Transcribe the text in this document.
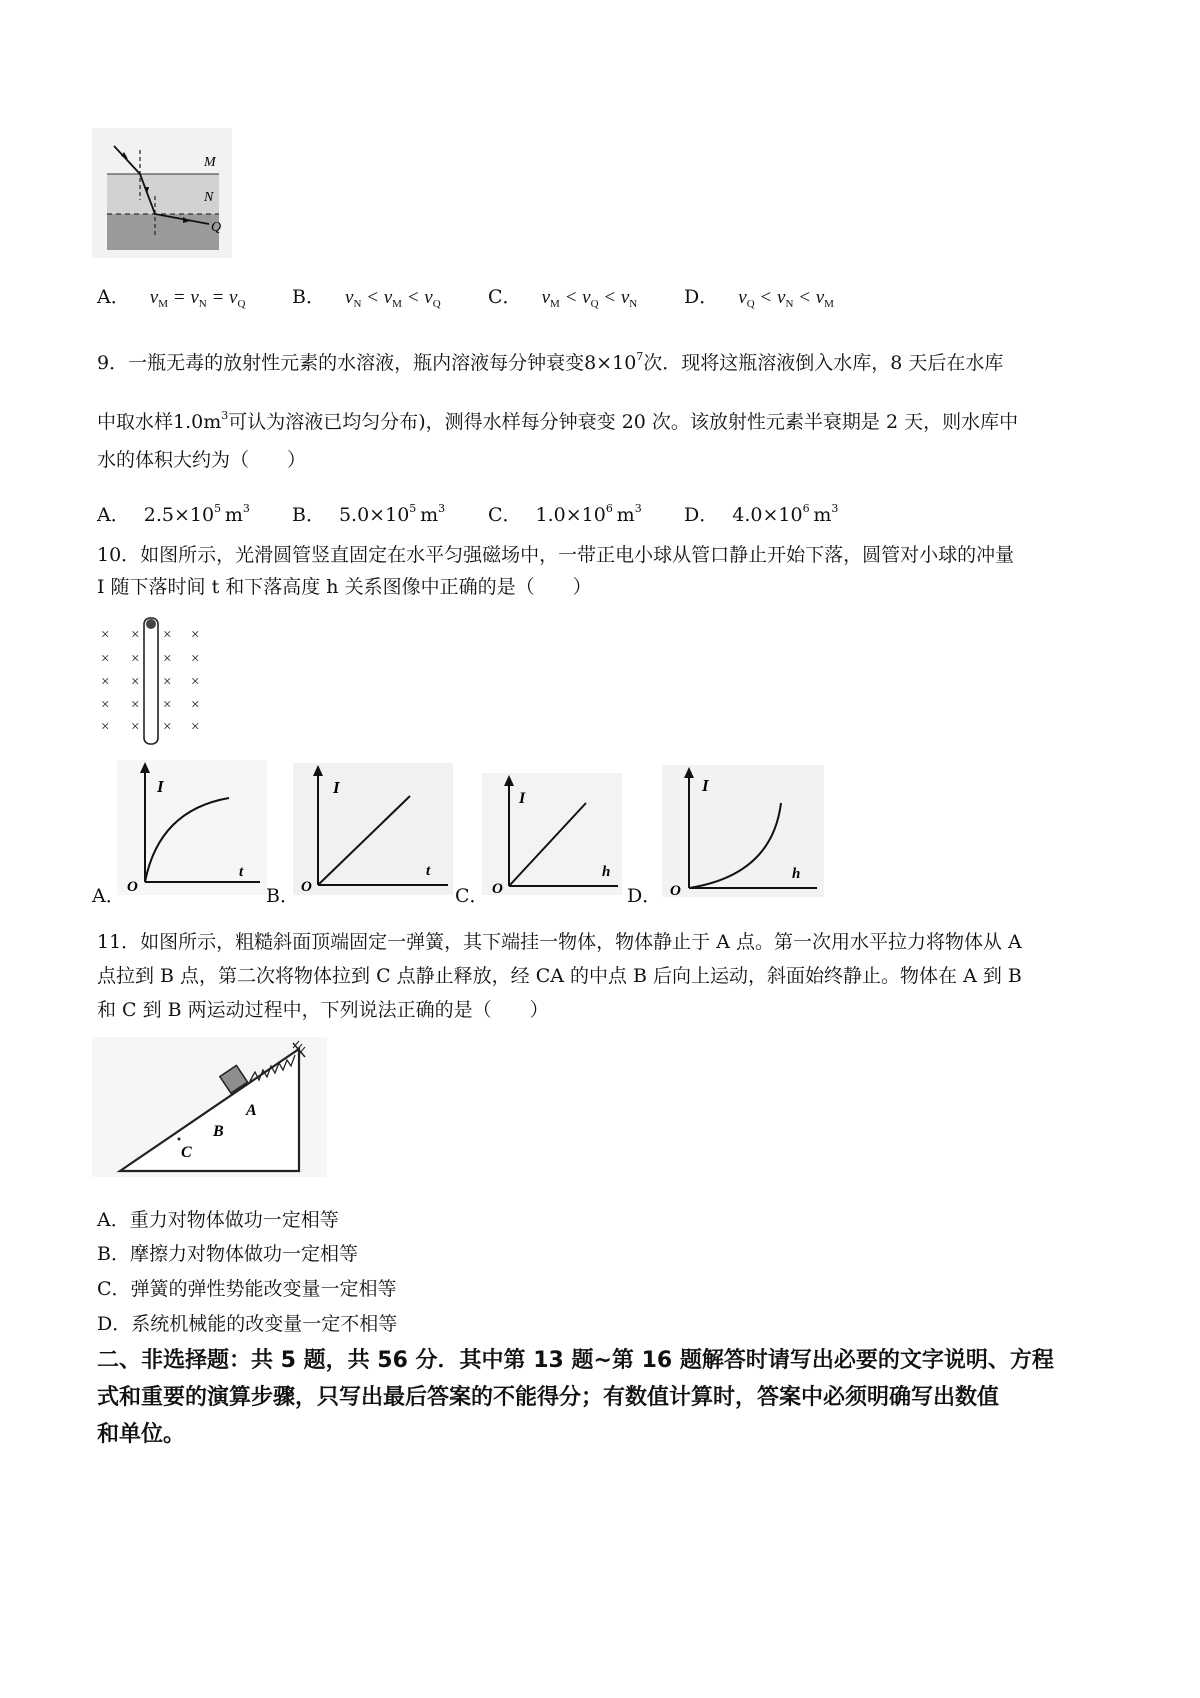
M
N
Q
A． $v_M = v_N = v_Q$ B． $v_N < v_M < v_Q$ C． $v_M < v_Q < v_N$ D． $v_Q < v_N < v_M$
9．一瓶无毒的放射性元素的水溶液，瓶内溶液每分钟衰变$8\times 10^7$次．现将这瓶溶液倒入水库，8 天后在水库
中取水样$1.0m^3$可认为溶液已均匀分布)，测得水样每分钟衰变 20 次。该放射性元素半衰期是 2 天，则水库中
水的体积大约为（　　）
A． $2.5\times 10^5$  $m^3$ B． $5.0\times 10^5$  $m^3$ C． $1.0\times 10^6$  $m^3$ D． $4.0\times 10^6$  $m^3$
10．如图所示，光滑圆管竖直固定在水平匀强磁场中，一带正电小球从管口静止开始下落，圆管对小球的冲量
I 随下落时间 t 和下落高度 h 关系图像中正确的是（　　）
×
×
×
×
×
×
×
×
×
×
×
×
×
×
×
×
×
×
×
×
I
t
O
I
t
O
I
h
O
I
h
O
A．	B．	C．	D．
11．如图所示，粗糙斜面顶端固定一弹簧，其下端挂一物体，物体静止于 A 点。第一次用水平拉力将物体从 A
点拉到 B 点，第二次将物体拉到 C 点静止释放，经 CA 的中点 B 后向上运动，斜面始终静止。物体在 A 到 B
和 C 到 B 两运动过程中，下列说法正确的是（　　）
A
B
C
A．重力对物体做功一定相等
B．摩擦力对物体做功一定相等
C．弹簧的弹性势能改变量一定相等
D．系统机械能的改变量一定不相等
二、非选择题：共 5 题，共 56 分．其中第 13 题~第 16 题解答时请写出必要的文字说明、方程
式和重要的演算步骤，只写出最后答案的不能得分；有数值计算时，答案中必须明确写出数值
和单位。
